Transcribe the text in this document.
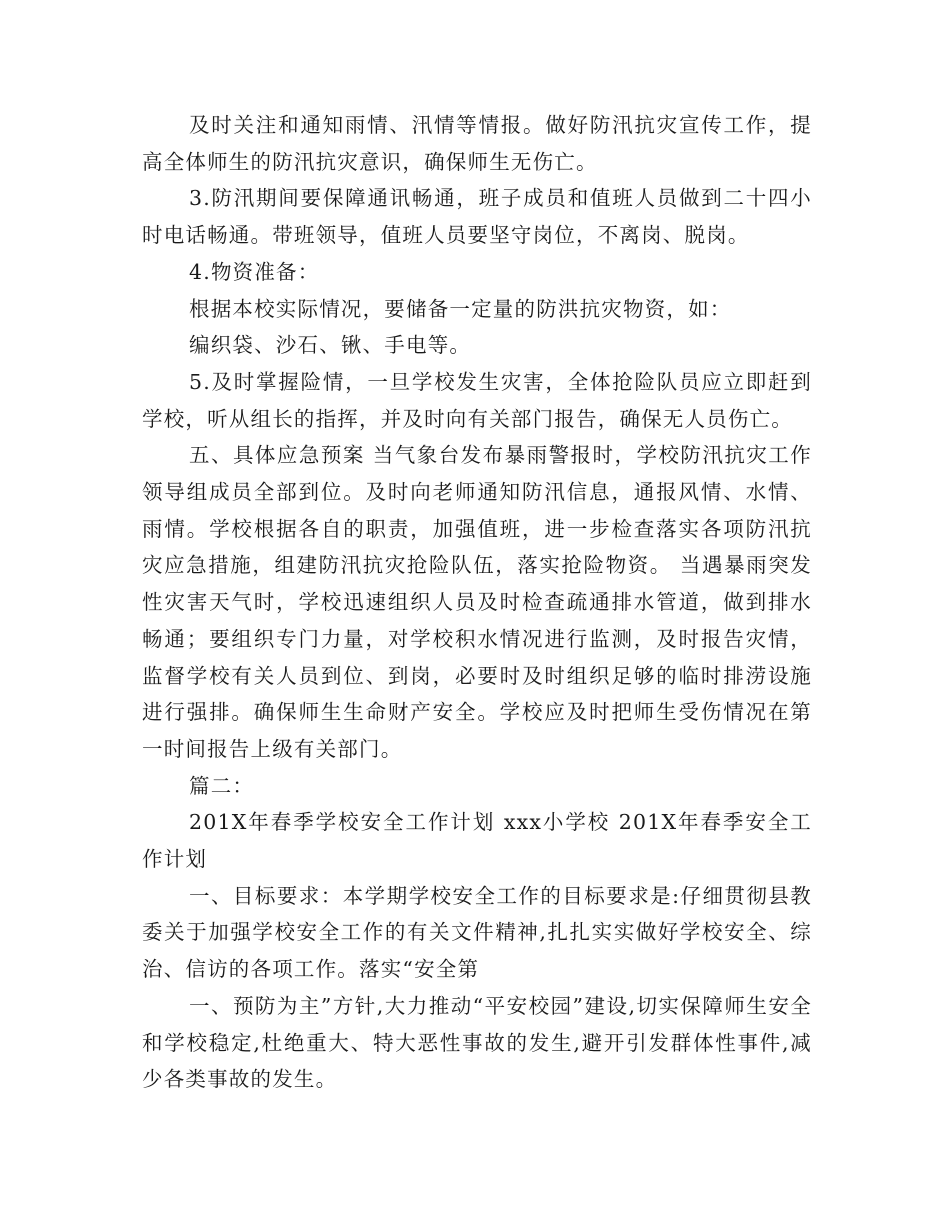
及时关注和通知雨情、汛情等情报。做好防汛抗灾宣传工作，提高全体师生的防汛抗灾意识，确保师生无伤亡。

3.防汛期间要保障通讯畅通，班子成员和值班人员做到二十四小时电话畅通。带班领导，值班人员要坚守岗位，不离岗、脱岗。

4.物资准备：

根据本校实际情况，要储备一定量的防洪抗灾物资，如：

编织袋、沙石、锹、手电等。

5.及时掌握险情，一旦学校发生灾害，全体抢险队员应立即赶到学校，听从组长的指挥，并及时向有关部门报告，确保无人员伤亡。

五、具体应急预案 当气象台发布暴雨警报时，学校防汛抗灾工作领导组成员全部到位。及时向老师通知防汛信息，通报风情、水情、雨情。学校根据各自的职责，加强值班，进一步检查落实各项防汛抗灾应急措施，组建防汛抗灾抢险队伍，落实抢险物资。 当遇暴雨突发性灾害天气时，学校迅速组织人员及时检查疏通排水管道，做到排水畅通；要组织专门力量，对学校积水情况进行监测，及时报告灾情，监督学校有关人员到位、到岗，必要时及时组织足够的临时排涝设施进行强排。确保师生生命财产安全。学校应及时把师生受伤情况在第一时间报告上级有关部门。

篇二：

201X年春季学校安全工作计划 xxx小学校 201X年春季安全工作计划

一、目标要求：本学期学校安全工作的目标要求是:仔细贯彻县教委关于加强学校安全工作的有关文件精神,扎扎实实做好学校安全、综治、信访的各项工作。落实“安全第

一、预防为主”方针,大力推动“平安校园”建设,切实保障师生安全和学校稳定,杜绝重大、特大恶性事故的发生,避开引发群体性事件,减少各类事故的发生。
